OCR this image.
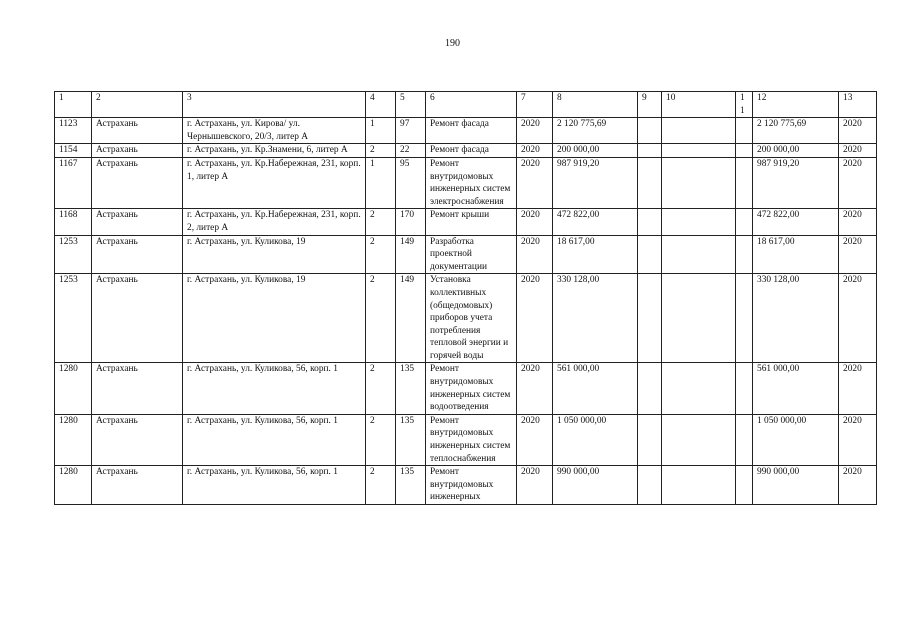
190
1	2	3	4	5	6	7	8	9	10	11	12	13
1123	Астрахань	г. Астрахань, ул. Кирова/ ул. Чернышевского, 20/3, литер А	1	97	Ремонт фасада	2020	2 120 775,69				2 120 775,69	2020
1154	Астрахань	г. Астрахань, ул. Кр.Знамени, 6, литер А	2	22	Ремонт фасада	2020	200 000,00				200 000,00	2020
1167	Астрахань	г. Астрахань, ул. Кр.Набережная, 231, корп. 1, литер А	1	95	Ремонт внутридомовых инженерных систем электроснабжения	2020	987 919,20				987 919,20	2020
1168	Астрахань	г. Астрахань, ул. Кр.Набережная, 231, корп. 2, литер А	2	170	Ремонт крыши	2020	472 822,00				472 822,00	2020
1253	Астрахань	г. Астрахань, ул. Куликова, 19	2	149	Разработка проектной документации	2020	18 617,00				18 617,00	2020
1253	Астрахань	г. Астрахань, ул. Куликова, 19	2	149	Установка коллективных (общедомовых) приборов учета потребления тепловой энергии и горячей воды	2020	330 128,00				330 128,00	2020
1280	Астрахань	г. Астрахань, ул. Куликова, 56, корп. 1	2	135	Ремонт внутридомовых инженерных систем водоотведения	2020	561 000,00				561 000,00	2020
1280	Астрахань	г. Астрахань, ул. Куликова, 56, корп. 1	2	135	Ремонт внутридомовых инженерных систем теплоснабжения	2020	1 050 000,00				1 050 000,00	2020
1280	Астрахань	г. Астрахань, ул. Куликова, 56, корп. 1	2	135	Ремонт внутридомовых инженерных	2020	990 000,00				990 000,00	2020
